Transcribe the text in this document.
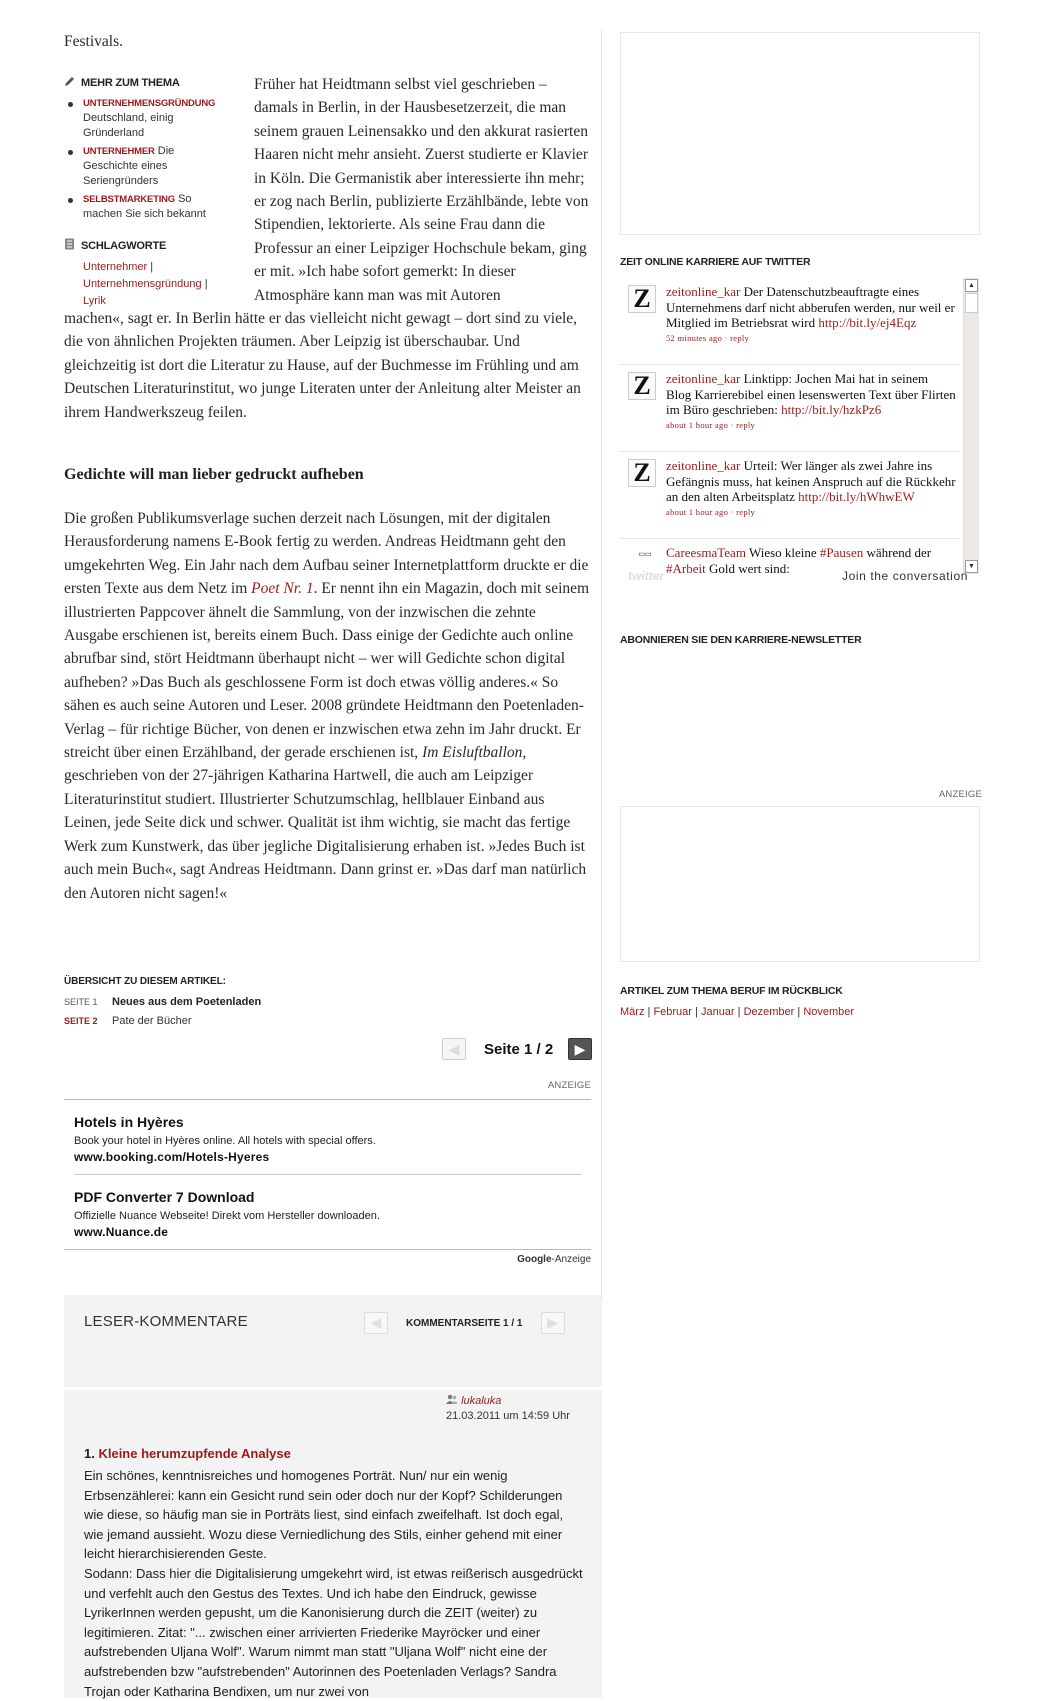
Festivals.
MEHR ZUM THEMA
UNTERNEHMENSGRÜNDUNG
Deutschland, einig Gründerland
UNTERNEHMER Die Geschichte eines Seriengründers
SELBSTMARKETING So machen Sie sich bekannt
SCHLAGWORTE
Unternehmer |
Unternehmensgründung |
Lyrik

Früher hat Heidtmann selbst viel geschrieben – damals in Berlin, in der Hausbesetzerzeit, die man seinem grauen Leinensakko und den akkurat rasierten Haaren nicht mehr ansieht. Zuerst studierte er Klavier in Köln. Die Germanistik aber interessierte ihn mehr; er zog nach Berlin, publizierte Erzählbände, lebte von Stipendien, lektorierte. Als seine Frau dann die Professur an einer Leipziger Hochschule bekam, ging er mit. »Ich habe sofort gemerkt: In dieser Atmosphäre kann man was mit Autoren

machen«, sagt er. In Berlin hätte er das vielleicht nicht gewagt – dort sind zu viele, die von ähnlichen Projekten träumen. Aber Leipzig ist überschaubar. Und gleichzeitig ist dort die Literatur zu Hause, auf der Buchmesse im Frühling und am Deutschen Literaturinstitut, wo junge Literaten unter der Anleitung alter Meister an ihrem Handwerkszeug feilen.

Gedichte will man lieber gedruckt aufheben

Die großen Publikumsverlage suchen derzeit nach Lösungen, mit der digitalen Herausforderung namens E-Book fertig zu werden. Andreas Heidtmann geht den umgekehrten Weg. Ein Jahr nach dem Aufbau seiner Internetplattform druckte er die ersten Texte aus dem Netz im Poet Nr. 1. Er nennt ihn ein Magazin, doch mit seinem illustrierten Pappcover ähnelt die Sammlung, von der inzwischen die zehnte Ausgabe erschienen ist, bereits einem Buch. Dass einige der Gedichte auch online abrufbar sind, stört Heidtmann überhaupt nicht – wer will Gedichte schon digital aufheben? »Das Buch als geschlossene Form ist doch etwas völlig anderes.« So sähen es auch seine Autoren und Leser. 2008 gründete Heidtmann den Poetenladen-Verlag – für richtige Bücher, von denen er inzwischen etwa zehn im Jahr druckt. Er streicht über einen Erzählband, der gerade erschienen ist, Im Eisluftballon, geschrieben von der 27-jährigen Katharina Hartwell, die auch am Leipziger Literaturinstitut studiert. Illustrierter Schutzumschlag, hellblauer Einband aus Leinen, jede Seite dick und schwer. Qualität ist ihm wichtig, sie macht das fertige Werk zum Kunstwerk, das über jegliche Digitalisierung erhaben ist. »Jedes Buch ist auch mein Buch«, sagt Andreas Heidtmann. Dann grinst er. »Das darf man natürlich den Autoren nicht sagen!«

ÜBERSICHT ZU DIESEM ARTIKEL:
SEITE 1 Neues aus dem Poetenladen
SEITE 2 Pate der Bücher
◀ Seite 1 / 2 ▶
ANZEIGE
Hotels in Hyères
Book your hotel in Hyères online. All hotels with special offers.
www.booking.com/Hotels-Hyeres
PDF Converter 7 Download
Offizielle Nuance Webseite! Direkt vom Hersteller downloaden.
www.Nuance.de
Google-Anzeige
LESER-KOMMENTARE	◀	KOMMENTARSEITE 1 / 1 ▶
lukaluka
21.03.2011 um 14:59 Uhr
1. Kleine herumzupfende Analyse
Ein schönes, kenntnisreiches und homogenes Porträt. Nun/ nur ein wenig Erbsenzählerei: kann ein Gesicht rund sein oder doch nur der Kopf? Schilderungen wie diese, so häufig man sie in Porträts liest, sind einfach zweifelhaft. Ist doch egal, wie jemand aussieht. Wozu diese Verniedlichung des Stils, einher gehend mit einer leicht hierarchisierenden Geste.
Sodann: Dass hier die Digitalisierung umgekehrt wird, ist etwas reißerisch ausgedrückt und verfehlt auch den Gestus des Textes. Und ich habe den Eindruck, gewisse LyrikerInnen werden gepusht, um die Kanonisierung durch die ZEIT (weiter) zu legitimieren. Zitat: "... zwischen einer arrivierten Friederike Mayröcker und einer aufstrebenden Uljana Wolf". Warum nimmt man statt "Uljana Wolf" nicht eine der aufstrebenden bzw "aufstrebenden" Autorinnen des Poetenladen Verlags? Sandra Trojan oder Katharina Bendixen, um nur zwei von
ZEIT ONLINE KARRIERE AUF TWITTER
Z	zeitonline_kar Der Datenschutzbeauftragte eines Unternehmens darf nicht abberufen werden, nur weil er Mitglied im Betriebsrat wird http://bit.ly/ej4Eqz
52 minutes ago · reply
Z	zeitonline_kar Linktipp: Jochen Mai hat in seinem Blog Karrierebibel einen lesenswerten Text über Flirten im Büro geschrieben: http://bit.ly/hzkPz6
about 1 hour ago · reply
Z	zeitonline_kar Urteil: Wer länger als zwei Jahre ins Gefängnis muss, hat keinen Anspruch auf die Rückkehr an den alten Arbeitsplatz http://bit.ly/hWhwEW
about 1 hour ago · reply
▭▭	CareesmaTeam Wieso kleine #Pausen während der #Arbeit Gold wert sind:
▲
▼
twitter	Join the conversation
ABONNIEREN SIE DEN KARRIERE-NEWSLETTER
ANZEIGE
ARTIKEL ZUM THEMA BERUF IM RÜCKBLICK
März | Februar | Januar | Dezember | November
